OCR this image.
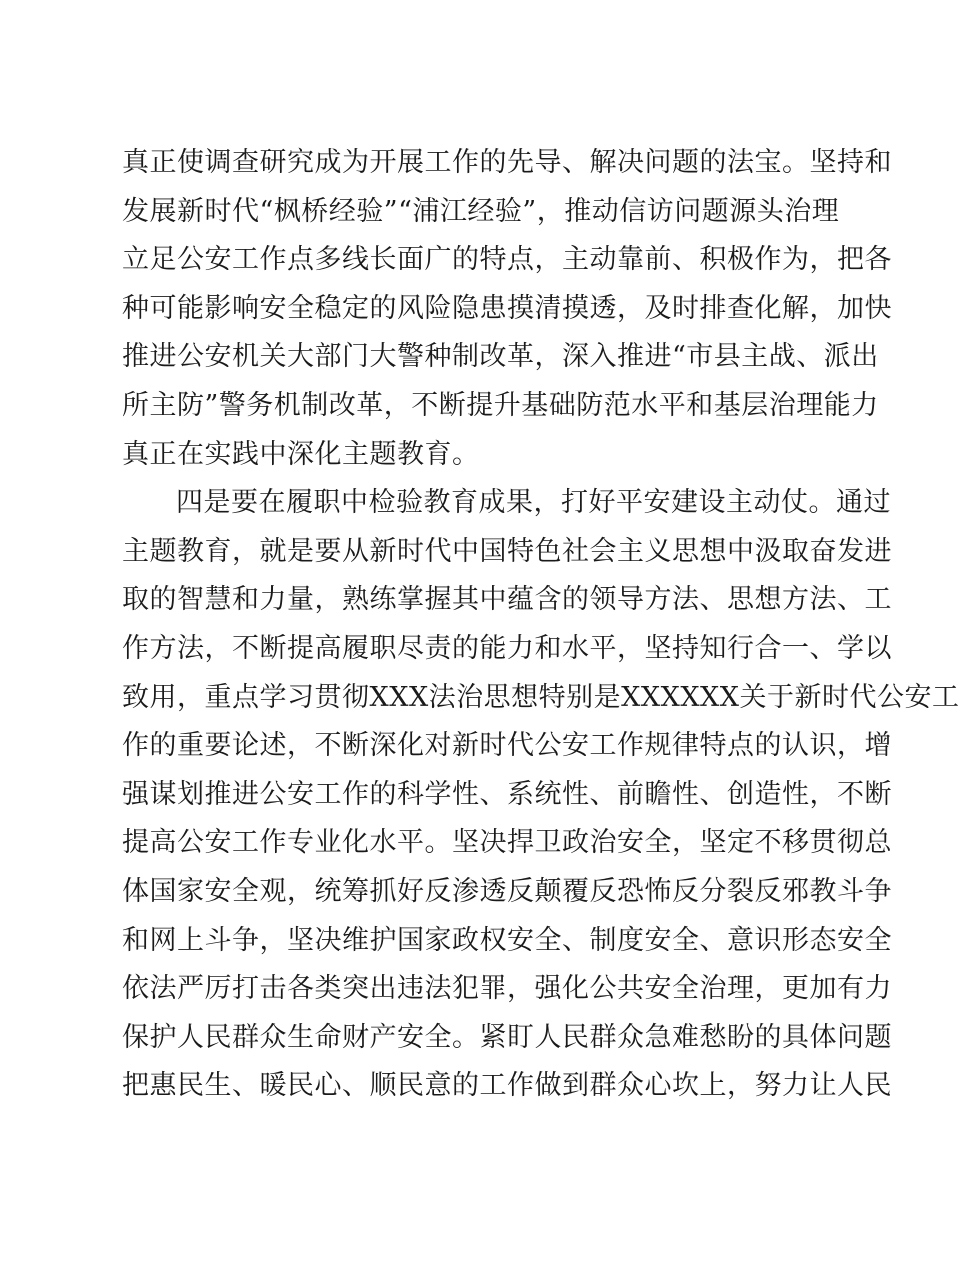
真正使调查研究成为开展工作的先导、解决问题的法宝。坚持和
发展新时代“枫桥经验”“浦江经验”，推动信访问题源头治理
立足公安工作点多线长面广的特点，主动靠前、积极作为，把各
种可能影响安全稳定的风险隐患摸清摸透，及时排查化解，加快
推进公安机关大部门大警种制改革，深入推进“市县主战、派出
所主防”警务机制改革，不断提升基础防范水平和基层治理能力
真正在实践中深化主题教育。
四是要在履职中检验教育成果，打好平安建设主动仗。通过
主题教育，就是要从新时代中国特色社会主义思想中汲取奋发进
取的智慧和力量，熟练掌握其中蕴含的领导方法、思想方法、工
作方法，不断提高履职尽责的能力和水平，坚持知行合一、学以
致用，重点学习贯彻XXX法治思想特别是XXXXXX关于新时代公安工
作的重要论述，不断深化对新时代公安工作规律特点的认识，增
强谋划推进公安工作的科学性、系统性、前瞻性、创造性，不断
提高公安工作专业化水平。坚决捍卫政治安全，坚定不移贯彻总
体国家安全观，统筹抓好反渗透反颠覆反恐怖反分裂反邪教斗争
和网上斗争，坚决维护国家政权安全、制度安全、意识形态安全
依法严厉打击各类突出违法犯罪，强化公共安全治理，更加有力
保护人民群众生命财产安全。紧盯人民群众急难愁盼的具体问题
把惠民生、暖民心、顺民意的工作做到群众心坎上，努力让人民
